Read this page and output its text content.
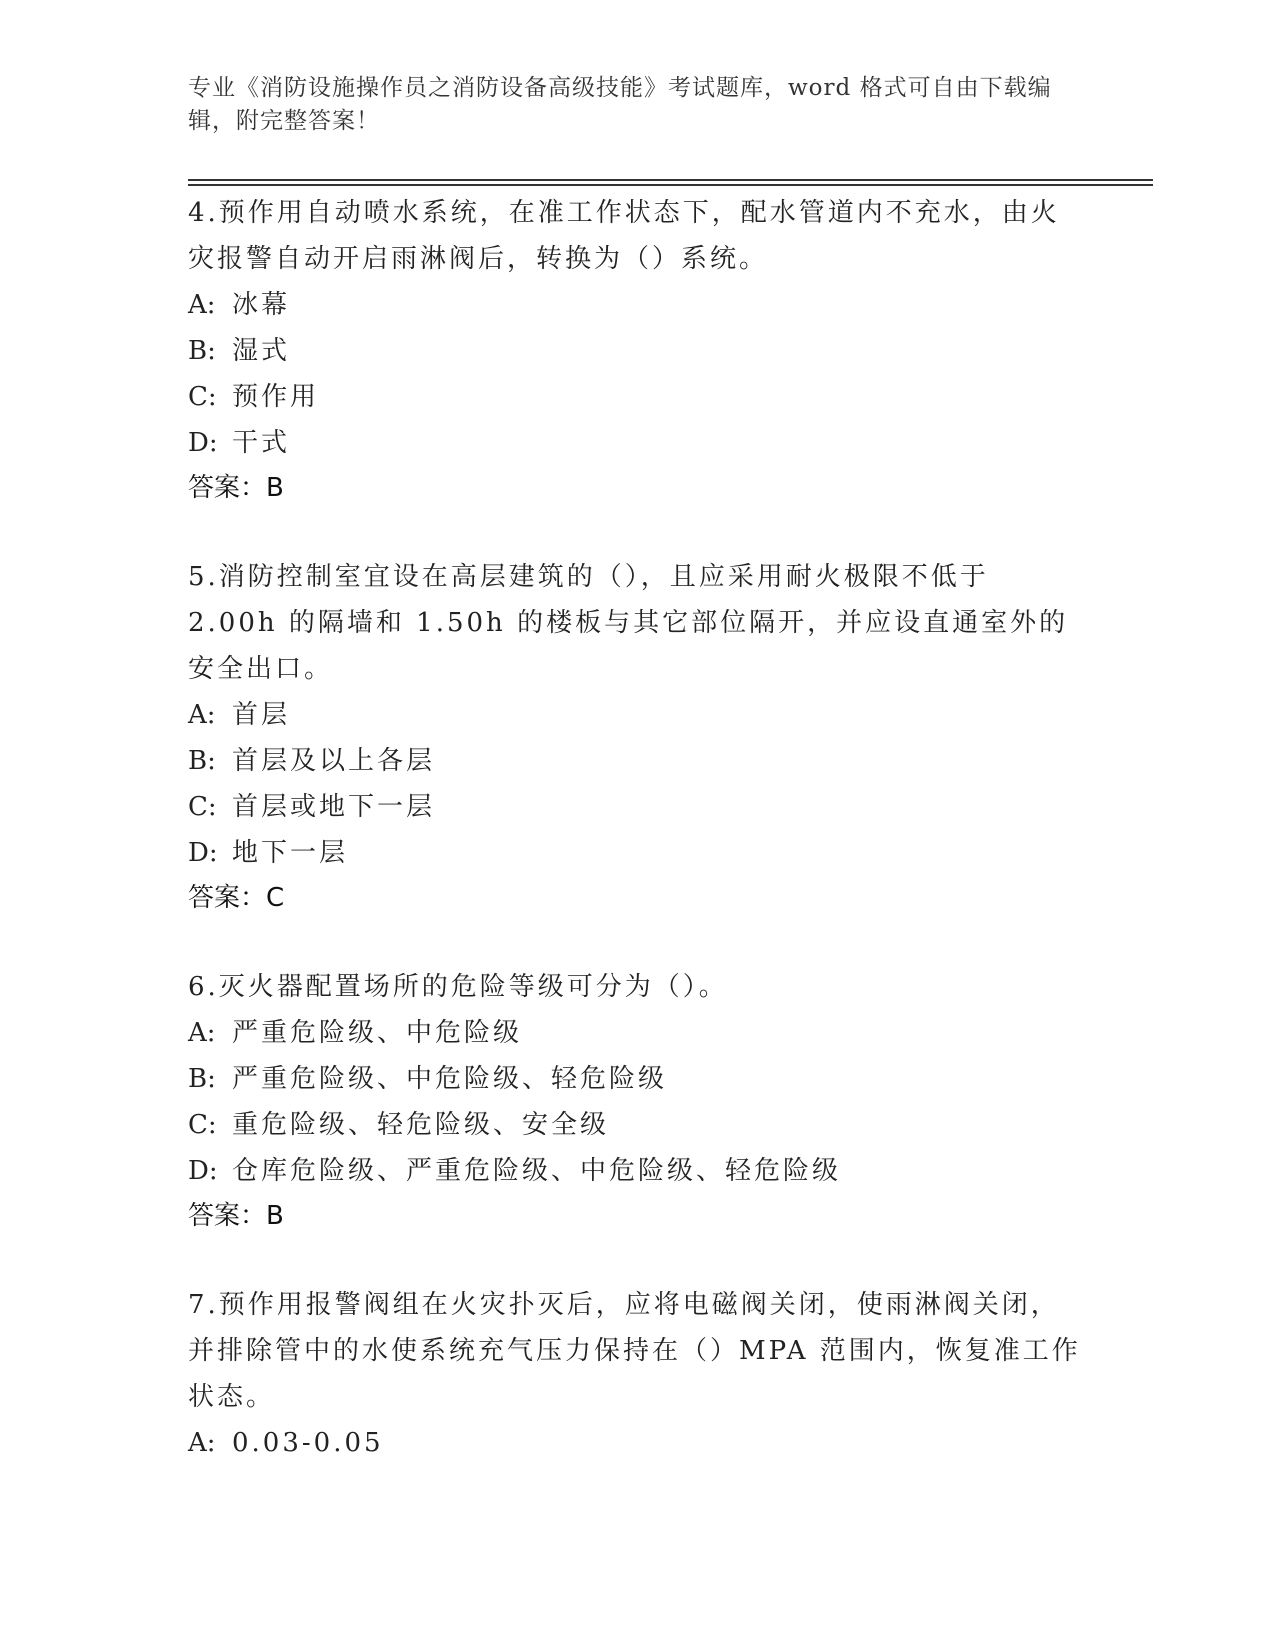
专业《消防设施操作员之消防设备高级技能》考试题库，word 格式可自由下载编辑，附完整答案！
4.预作用自动喷水系统，在准工作状态下，配水管道内不充水，由火灾报警自动开启雨淋阀后，转换为（）系统。
A: 冰幕
B: 湿式
C: 预作用
D: 干式
答案：B
5.消防控制室宜设在高层建筑的（），且应采用耐火极限不低于 2.00h 的隔墙和 1.50h 的楼板与其它部位隔开，并应设直通室外的安全出口。
A: 首层
B: 首层及以上各层
C: 首层或地下一层
D: 地下一层
答案：C
6.灭火器配置场所的危险等级可分为（）。
A: 严重危险级、中危险级
B: 严重危险级、中危险级、轻危险级
C: 重危险级、轻危险级、安全级
D: 仓库危险级、严重危险级、中危险级、轻危险级
答案：B
7.预作用报警阀组在火灾扑灭后，应将电磁阀关闭，使雨淋阀关闭，并排除管中的水使系统充气压力保持在（）MPA 范围内，恢复准工作状态。
A: 0.03-0.05
